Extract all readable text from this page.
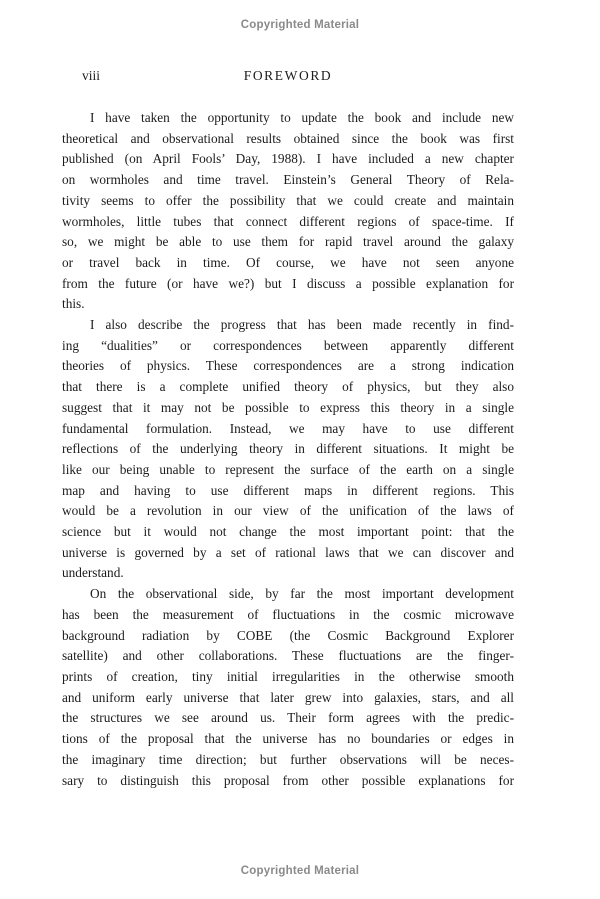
Copyrighted Material
viii	FOREWORD
I have taken the opportunity to update the book and include new
theoretical and observational results obtained since the book was first
published (on April Fools’ Day, 1988). I have included a new chapter
on wormholes and time travel. Einstein’s General Theory of Rela-
tivity seems to offer the possibility that we could create and maintain
wormholes, little tubes that connect different regions of space-time. If
so, we might be able to use them for rapid travel around the galaxy
or travel back in time. Of course, we have not seen anyone
from the future (or have we?) but I discuss a possible explanation for
this.
I also describe the progress that has been made recently in find-
ing “dualities” or correspondences between apparently different
theories of physics. These correspondences are a strong indication
that there is a complete unified theory of physics, but they also
suggest that it may not be possible to express this theory in a single
fundamental formulation. Instead, we may have to use different
reflections of the underlying theory in different situations. It might be
like our being unable to represent the surface of the earth on a single
map and having to use different maps in different regions. This
would be a revolution in our view of the unification of the laws of
science but it would not change the most important point: that the
universe is governed by a set of rational laws that we can discover and
understand.
On the observational side, by far the most important development
has been the measurement of fluctuations in the cosmic microwave
background radiation by COBE (the Cosmic Background Explorer
satellite) and other collaborations. These fluctuations are the finger-
prints of creation, tiny initial irregularities in the otherwise smooth
and uniform early universe that later grew into galaxies, stars, and all
the structures we see around us. Their form agrees with the predic-
tions of the proposal that the universe has no boundaries or edges in
the imaginary time direction; but further observations will be neces-
sary to distinguish this proposal from other possible explanations for
Copyrighted Material
